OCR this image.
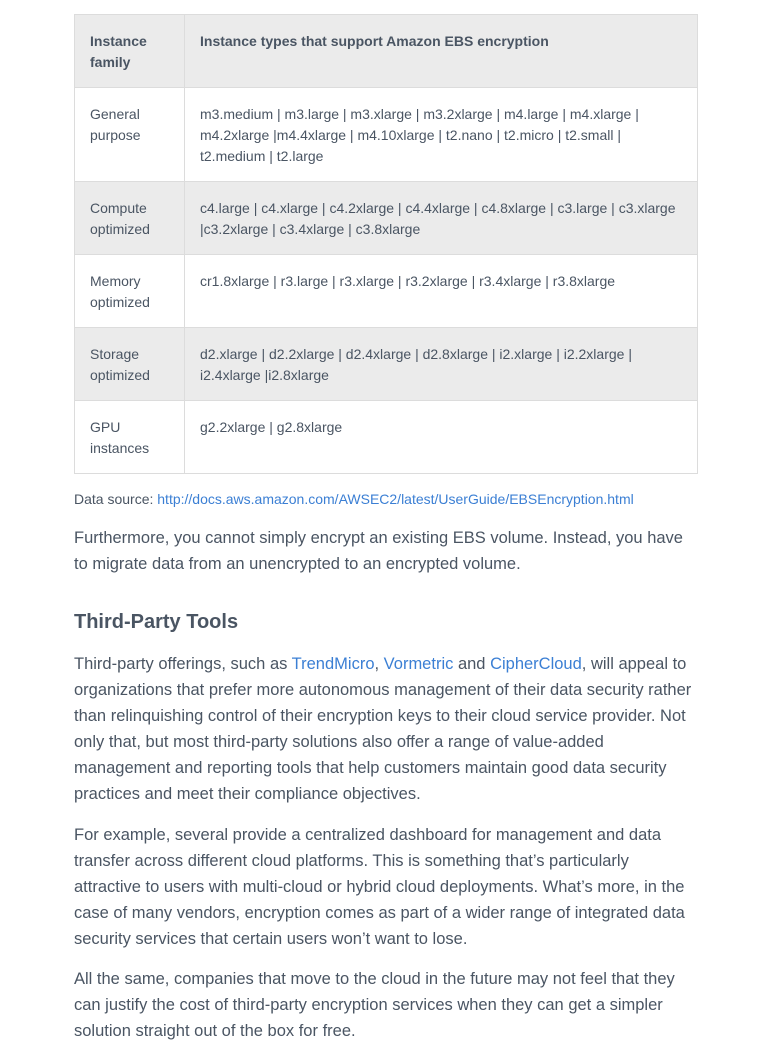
Instance family	Instance types that support Amazon EBS encryption
General purpose	m3.medium | m3.large | m3.xlarge | m3.2xlarge | m4.large | m4.xlarge | m4.2xlarge |m4.4xlarge | m4.10xlarge | t2.nano | t2.micro | t2.small | t2.medium | t2.large
Compute optimized	c4.large | c4.xlarge | c4.2xlarge | c4.4xlarge | c4.8xlarge | c3.large | c3.xlarge |c3.2xlarge | c3.4xlarge | c3.8xlarge
Memory optimized	cr1.8xlarge | r3.large | r3.xlarge | r3.2xlarge | r3.4xlarge | r3.8xlarge
Storage optimized	d2.xlarge | d2.2xlarge | d2.4xlarge | d2.8xlarge | i2.xlarge | i2.2xlarge | i2.4xlarge |i2.8xlarge
GPU instances	g2.2xlarge | g2.8xlarge
Data source: http://docs.aws.amazon.com/AWSEC2/latest/UserGuide/EBSEncryption.html

Furthermore, you cannot simply encrypt an existing EBS volume. Instead, you have to migrate data from an unencrypted to an encrypted volume.

Third-Party Tools

Third-party offerings, such as TrendMicro, Vormetric and CipherCloud, will appeal to organizations that prefer more autonomous management of their data security rather than relinquishing control of their encryption keys to their cloud service provider. Not only that, but most third-party solutions also offer a range of value-added management and reporting tools that help customers maintain good data security practices and meet their compliance objectives.

For example, several provide a centralized dashboard for management and data transfer across different cloud platforms. This is something that’s particularly attractive to users with multi-cloud or hybrid cloud deployments. What’s more, in the case of many vendors, encryption comes as part of a wider range of integrated data security services that certain users won’t want to lose.

All the same, companies that move to the cloud in the future may not feel that they can justify the cost of third-party encryption services when they can get a simpler solution straight out of the box for free.
